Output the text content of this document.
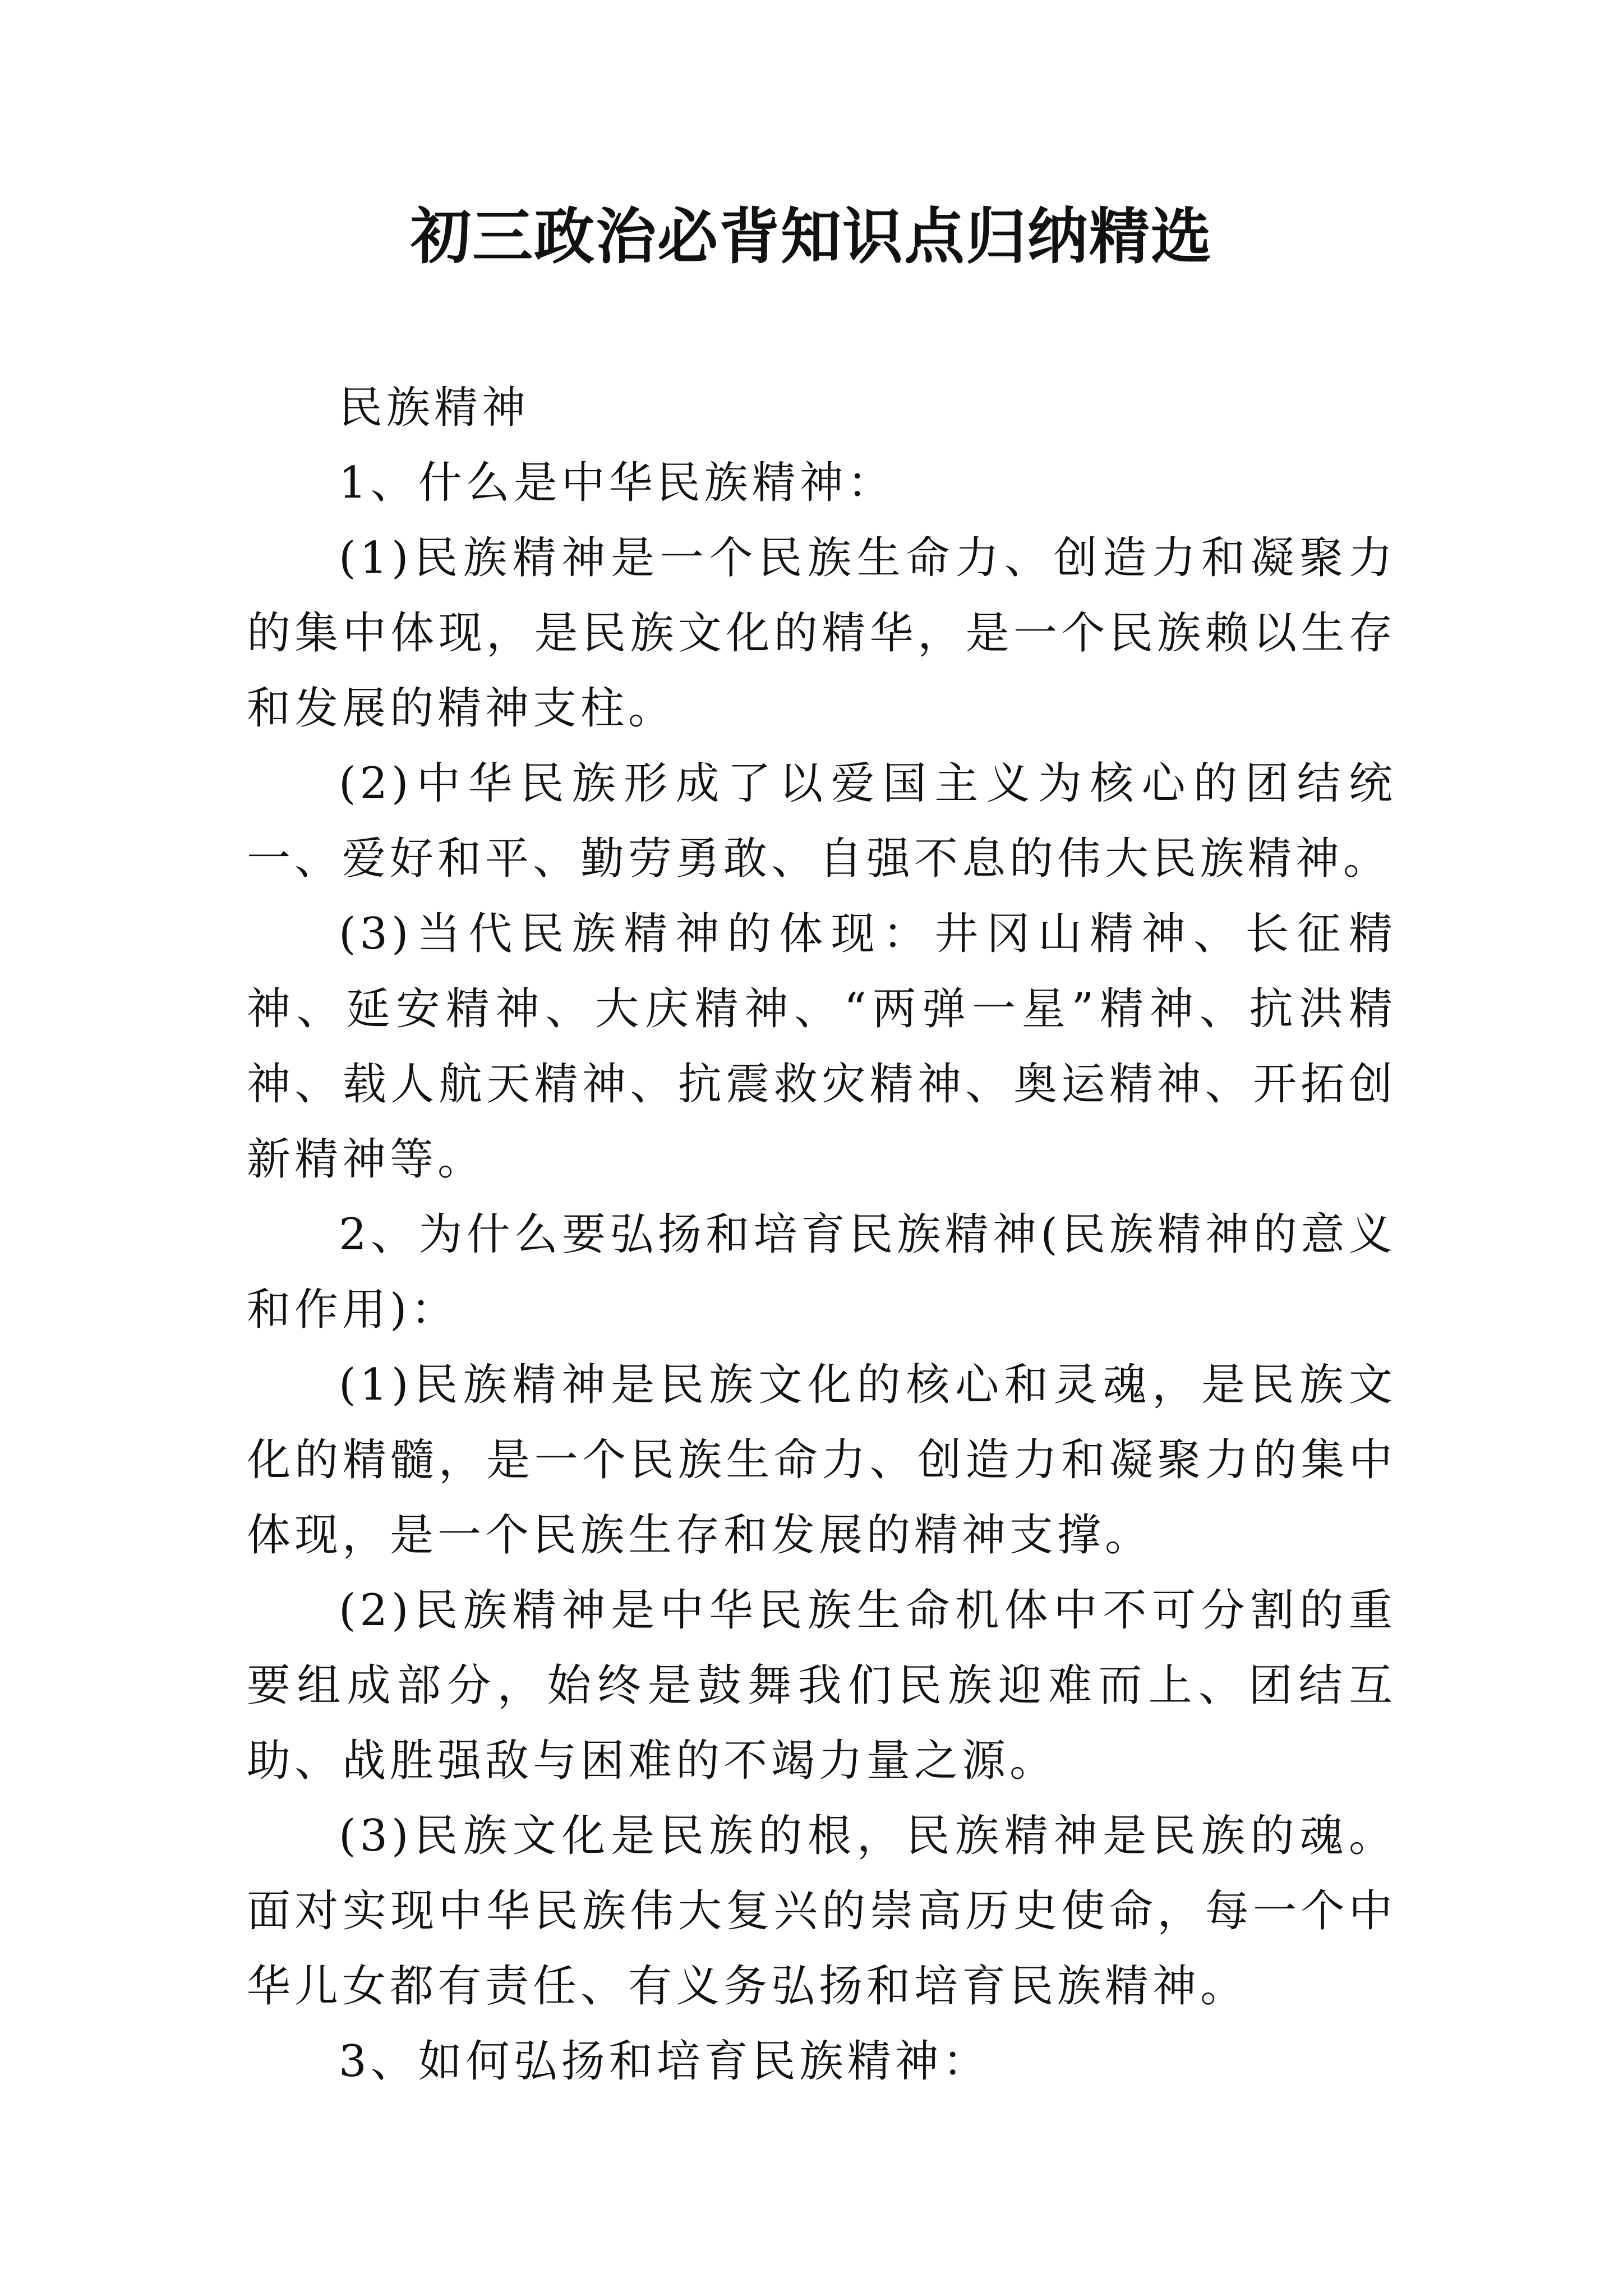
初三政治必背知识点归纳精选

民族精神

1、什么是中华民族精神：

(1)民族精神是一个民族生命力、创造力和凝聚力的集中体现，是民族文化的精华，是一个民族赖以生存和发展的精神支柱。

(2)中华民族形成了以爱国主义为核心的团结统一、爱好和平、勤劳勇敢、自强不息的伟大民族精神。

(3)当代民族精神的体现：井冈山精神、长征精神、延安精神、大庆精神、“两弹一星”精神、抗洪精神、载人航天精神、抗震救灾精神、奥运精神、开拓创新精神等。

2、为什么要弘扬和培育民族精神(民族精神的意义和作用)：

(1)民族精神是民族文化的核心和灵魂，是民族文化的精髓，是一个民族生命力、创造力和凝聚力的集中体现，是一个民族生存和发展的精神支撑。

(2)民族精神是中华民族生命机体中不可分割的重要组成部分，始终是鼓舞我们民族迎难而上、团结互助、战胜强敌与困难的不竭力量之源。

(3)民族文化是民族的根，民族精神是民族的魂。面对实现中华民族伟大复兴的崇高历史使命，每一个中华儿女都有责任、有义务弘扬和培育民族精神。

3、如何弘扬和培育民族精神：
